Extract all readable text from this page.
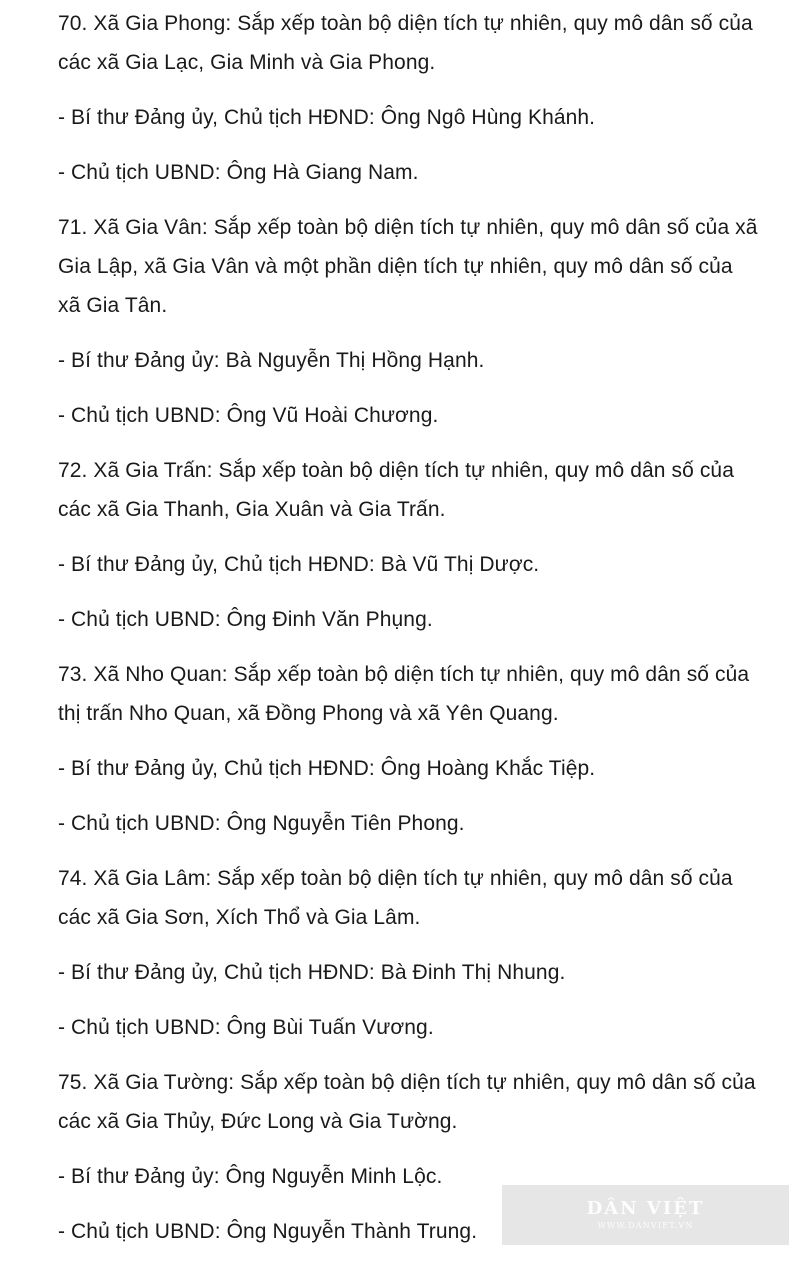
70. Xã Gia Phong: Sắp xếp toàn bộ diện tích tự nhiên, quy mô dân số của các xã Gia Lạc, Gia Minh và Gia Phong.

- Bí thư Đảng ủy, Chủ tịch HĐND: Ông Ngô Hùng Khánh.

- Chủ tịch UBND: Ông Hà Giang Nam.

71. Xã Gia Vân: Sắp xếp toàn bộ diện tích tự nhiên, quy mô dân số của xã Gia Lập, xã Gia Vân và một phần diện tích tự nhiên, quy mô dân số của xã Gia Tân.

- Bí thư Đảng ủy: Bà Nguyễn Thị Hồng Hạnh.

- Chủ tịch UBND: Ông Vũ Hoài Chương.

72. Xã Gia Trấn: Sắp xếp toàn bộ diện tích tự nhiên, quy mô dân số của các xã Gia Thanh, Gia Xuân và Gia Trấn.

- Bí thư Đảng ủy, Chủ tịch HĐND: Bà Vũ Thị Dược.

- Chủ tịch UBND: Ông Đinh Văn Phụng.

73. Xã Nho Quan: Sắp xếp toàn bộ diện tích tự nhiên, quy mô dân số của thị trấn Nho Quan, xã Đồng Phong và xã Yên Quang.

- Bí thư Đảng ủy, Chủ tịch HĐND: Ông Hoàng Khắc Tiệp.

- Chủ tịch UBND: Ông Nguyễn Tiên Phong.

74. Xã Gia Lâm: Sắp xếp toàn bộ diện tích tự nhiên, quy mô dân số của các xã Gia Sơn, Xích Thổ và Gia Lâm.

- Bí thư Đảng ủy, Chủ tịch HĐND: Bà Đinh Thị Nhung.

- Chủ tịch UBND: Ông Bùi Tuấn Vương.

75. Xã Gia Tường: Sắp xếp toàn bộ diện tích tự nhiên, quy mô dân số của các xã Gia Thủy, Đức Long và Gia Tường.

- Bí thư Đảng ủy: Ông Nguyễn Minh Lộc.

- Chủ tịch UBND: Ông Nguyễn Thành Trung.

DÂN VIỆT
WWW.DANVIET.VN
